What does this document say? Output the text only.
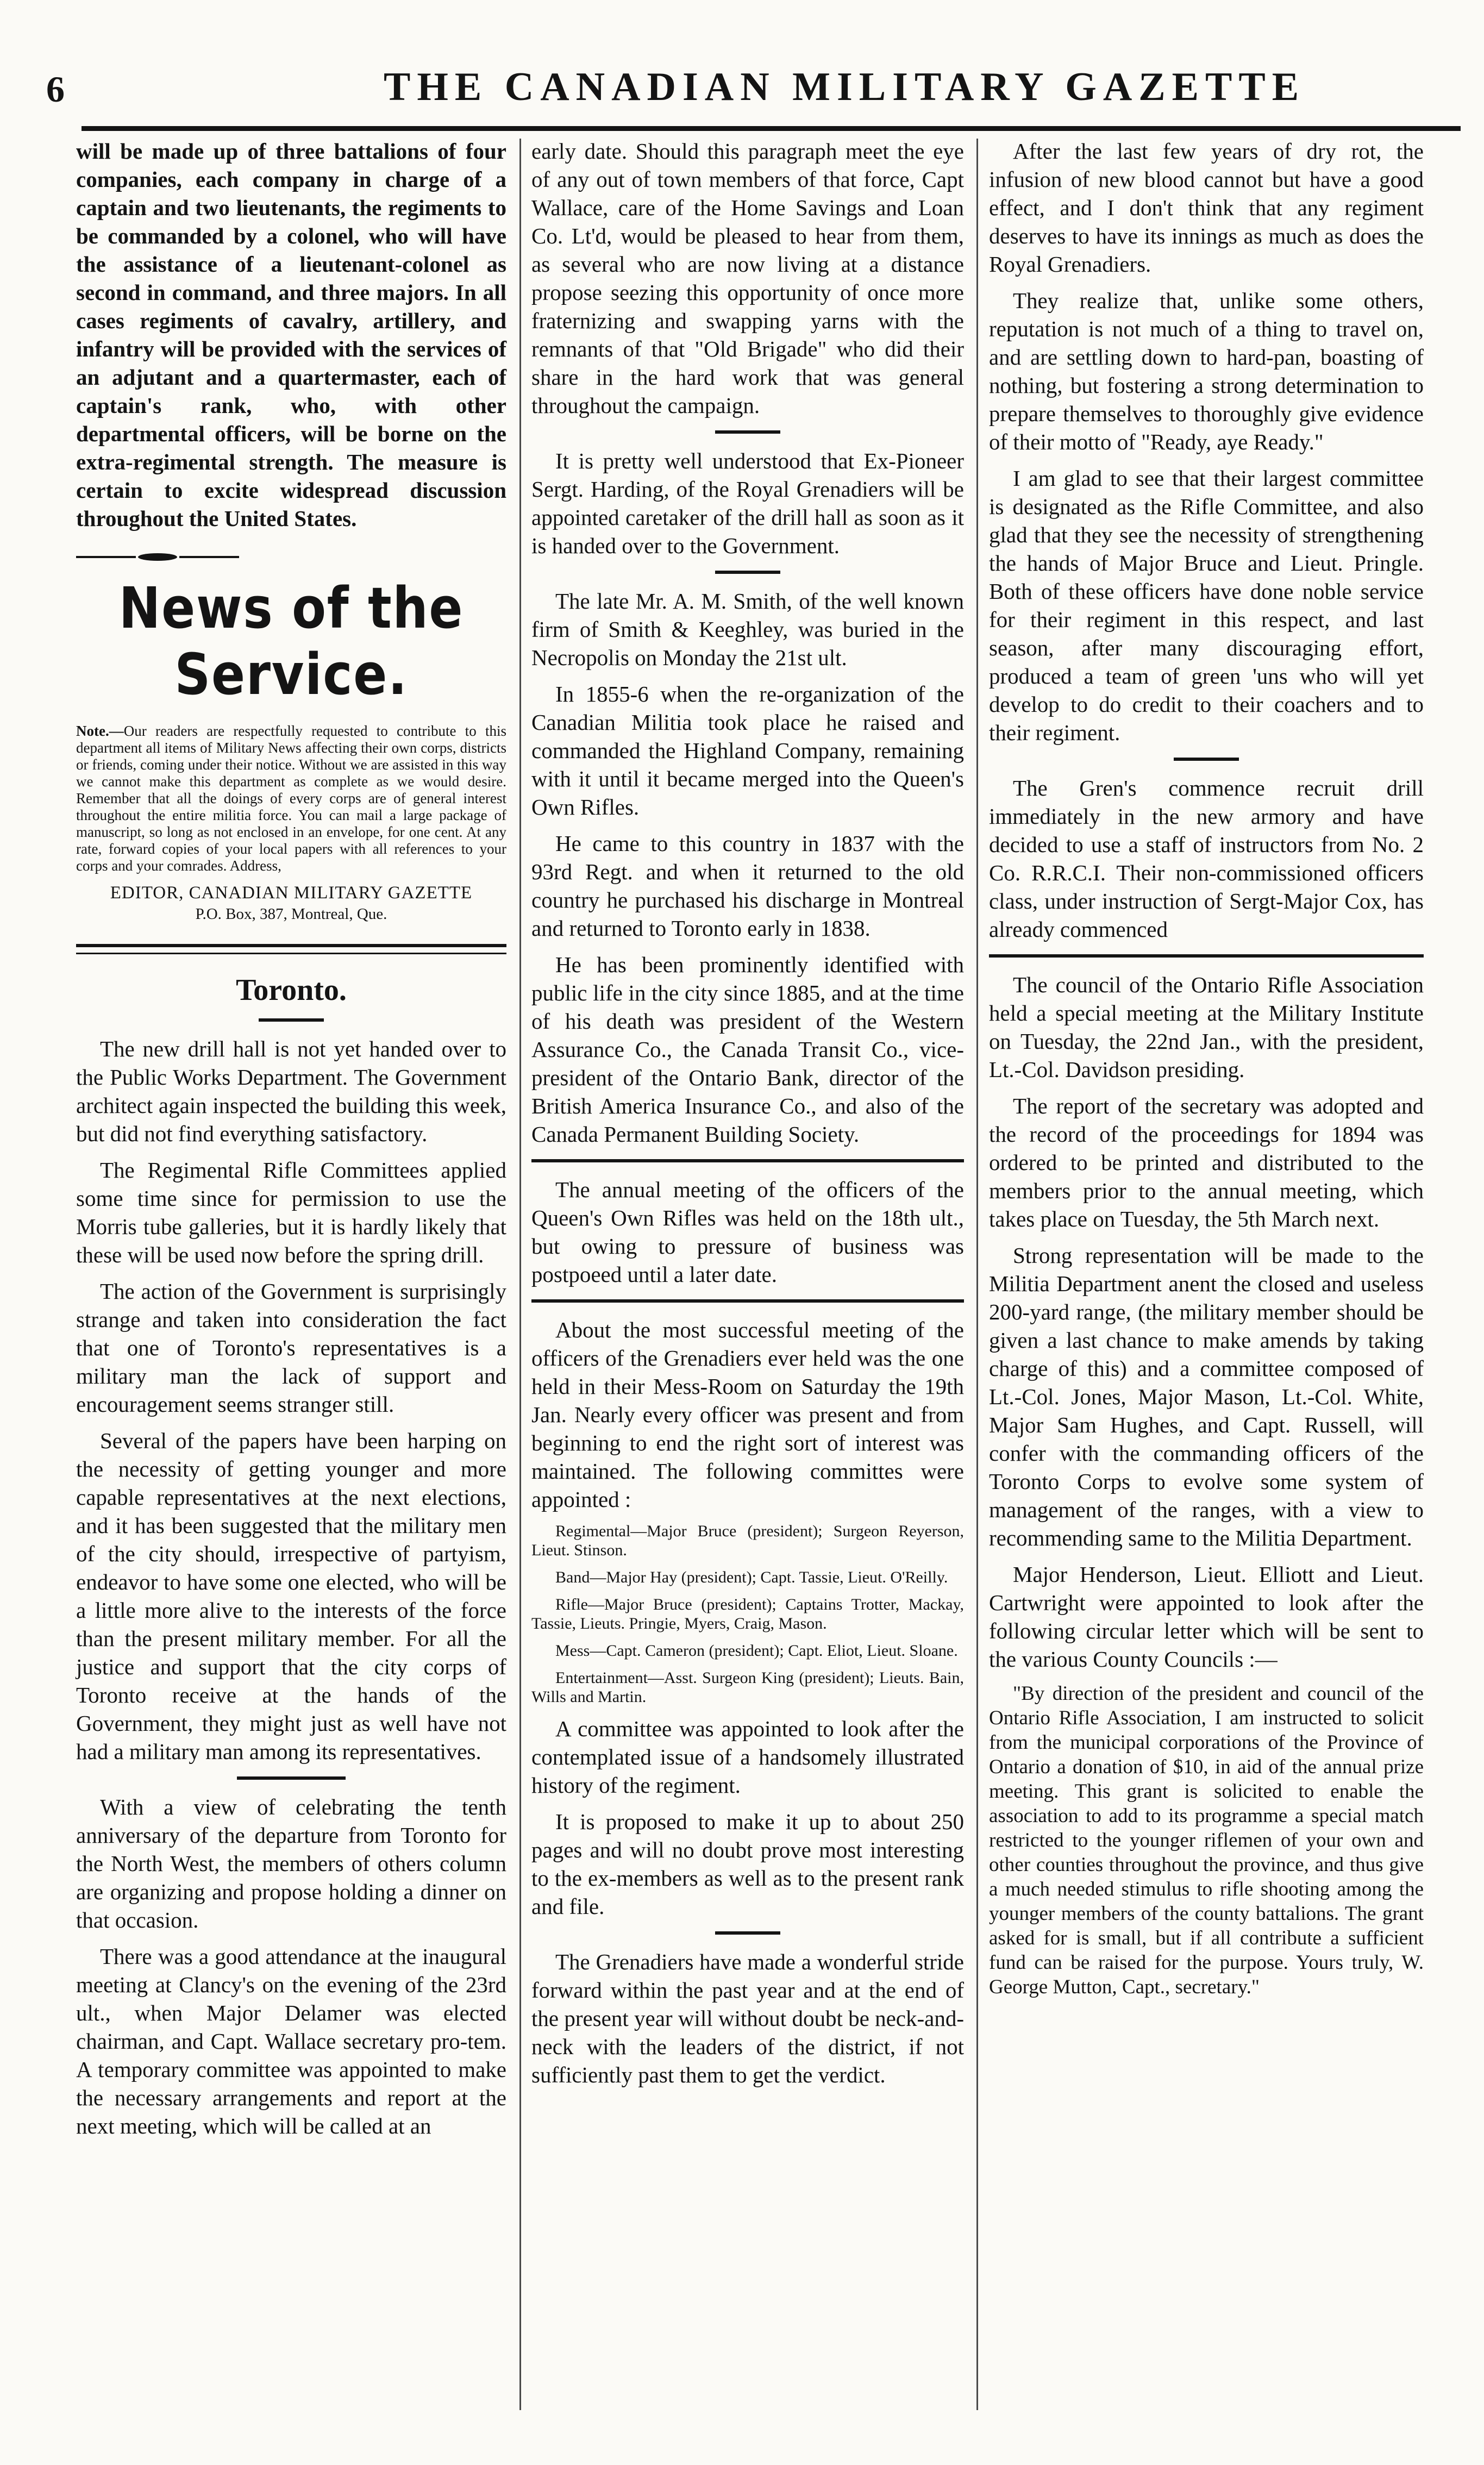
6	THE CANADIAN MILITARY GAZETTE

will be made up of three battalions of four companies, each company in charge of a captain and two lieutenants, the regiments to be commanded by a colonel, who will have the assistance of a lieutenant-colonel as second in command, and three majors. In all cases regiments of cavalry, artillery, and infantry will be provided with the services of an adjutant and a quartermaster, each of captain's rank, who, with other departmental officers, will be borne on the extra-regimental strength. The measure is certain to excite widespread discussion throughout the United States.

News of the Service.
Note.—Our readers are respectfully requested to contribute to this department all items of Military News affecting their own corps, districts or friends, coming under their notice. Without we are assisted in this way we cannot make this department as complete as we would desire. Remember that all the doings of every corps are of general interest throughout the entire militia force. You can mail a large package of manuscript, so long as not enclosed in an envelope, for one cent. At any rate, forward copies of your local papers with all references to your corps and your comrades. Address,
EDITOR, CANADIAN MILITARY GAZETTE
P.O. Box, 387, Montreal, Que.
Toronto.

The new drill hall is not yet handed over to the Public Works Department. The Government architect again inspected the building this week, but did not find everything satisfactory.

The Regimental Rifle Committees applied some time since for permission to use the Morris tube galleries, but it is hardly likely that these will be used now before the spring drill.

The action of the Government is surprisingly strange and taken into consideration the fact that one of Toronto's representatives is a military man the lack of support and encouragement seems stranger still.

Several of the papers have been harping on the necessity of getting younger and more capable representatives at the next elections, and it has been suggested that the military men of the city should, irrespective of partyism, endeavor to have some one elected, who will be a little more alive to the interests of the force than the present military member. For all the justice and support that the city corps of Toronto receive at the hands of the Government, they might just as well have not had a military man among its representatives.

With a view of celebrating the tenth anniversary of the departure from Toronto for the North West, the members of others column are organizing and propose holding a dinner on that occasion.

There was a good attendance at the inaugural meeting at Clancy's on the evening of the 23rd ult., when Major Delamer was elected chairman, and Capt. Wallace secretary pro-tem. A temporary committee was appointed to make the necessary arrangements and report at the next meeting, which will be called at an

early date. Should this paragraph meet the eye of any out of town members of that force, Capt Wallace, care of the Home Savings and Loan Co. Lt'd, would be pleased to hear from them, as several who are now living at a distance propose seezing this opportunity of once more fraternizing and swapping yarns with the remnants of that "Old Brigade" who did their share in the hard work that was general throughout the campaign.

It is pretty well understood that Ex-Pioneer Sergt. Harding, of the Royal Grenadiers will be appointed caretaker of the drill hall as soon as it is handed over to the Government.

The late Mr. A. M. Smith, of the well known firm of Smith & Keeghley, was buried in the Necropolis on Monday the 21st ult.

In 1855-6 when the re-organization of the Canadian Militia took place he raised and commanded the Highland Company, remaining with it until it became merged into the Queen's Own Rifles.

He came to this country in 1837 with the 93rd Regt. and when it returned to the old country he purchased his discharge in Montreal and returned to Toronto early in 1838.

He has been prominently identified with public life in the city since 1885, and at the time of his death was president of the Western Assurance Co., the Canada Transit Co., vice-president of the Ontario Bank, director of the British America Insurance Co., and also of the Canada Permanent Building Society.

The annual meeting of the officers of the Queen's Own Rifles was held on the 18th ult., but owing to pressure of business was postpoeed until a later date.

About the most successful meeting of the officers of the Grenadiers ever held was the one held in their Mess-Room on Saturday the 19th Jan. Nearly every officer was present and from beginning to end the right sort of interest was maintained. The following committes were appointed :

Regimental—Major Bruce (president); Surgeon Reyerson, Lieut. Stinson.

Band—Major Hay (president); Capt. Tassie, Lieut. O'Reilly.

Rifle—Major Bruce (president); Captains Trotter, Mackay, Tassie, Lieuts. Pringie, Myers, Craig, Mason.

Mess—Capt. Cameron (president); Capt. Eliot, Lieut. Sloane.

Entertainment—Asst. Surgeon King (president); Lieuts. Bain, Wills and Martin.

A committee was appointed to look after the contemplated issue of a handsomely illustrated history of the regiment.

It is proposed to make it up to about 250 pages and will no doubt prove most interesting to the ex-members as well as to the present rank and file.

The Grenadiers have made a wonderful stride forward within the past year and at the end of the present year will without doubt be neck-and-neck with the leaders of the district, if not sufficiently past them to get the verdict.

After the last few years of dry rot, the infusion of new blood cannot but have a good effect, and I don't think that any regiment deserves to have its innings as much as does the Royal Grenadiers.

They realize that, unlike some others, reputation is not much of a thing to travel on, and are settling down to hard-pan, boasting of nothing, but fostering a strong determination to prepare themselves to thoroughly give evidence of their motto of "Ready, aye Ready."

I am glad to see that their largest committee is designated as the Rifle Committee, and also glad that they see the necessity of strengthening the hands of Major Bruce and Lieut. Pringle. Both of these officers have done noble service for their regiment in this respect, and last season, after many discouraging effort, produced a team of green 'uns who will yet develop to do credit to their coachers and to their regiment.

The Gren's commence recruit drill immediately in the new armory and have decided to use a staff of instructors from No. 2 Co. R.R.C.I. Their non-commissioned officers class, under instruction of Sergt-Major Cox, has already commenced

The council of the Ontario Rifle Association held a special meeting at the Military Institute on Tuesday, the 22nd Jan., with the president, Lt.-Col. Davidson presiding.

The report of the secretary was adopted and the record of the proceedings for 1894 was ordered to be printed and distributed to the members prior to the annual meeting, which takes place on Tuesday, the 5th March next.

Strong representation will be made to the Militia Department anent the closed and useless 200-yard range, (the military member should be given a last chance to make amends by taking charge of this) and a committee composed of Lt.-Col. Jones, Major Mason, Lt.-Col. White, Major Sam Hughes, and Capt. Russell, will confer with the commanding officers of the Toronto Corps to evolve some system of management of the ranges, with a view to recommending same to the Militia Department.

Major Henderson, Lieut. Elliott and Lieut. Cartwright were appointed to look after the following circular letter which will be sent to the various County Councils :—

"By direction of the president and council of the Ontario Rifle Association, I am instructed to solicit from the municipal corporations of the Province of Ontario a donation of $10, in aid of the annual prize meeting. This grant is solicited to enable the association to add to its programme a special match restricted to the younger riflemen of your own and other counties throughout the province, and thus give a much needed stimulus to rifle shooting among the younger members of the county battalions. The grant asked for is small, but if all contribute a sufficient fund can be raised for the purpose. Yours truly, W. George Mutton, Capt., secretary."
